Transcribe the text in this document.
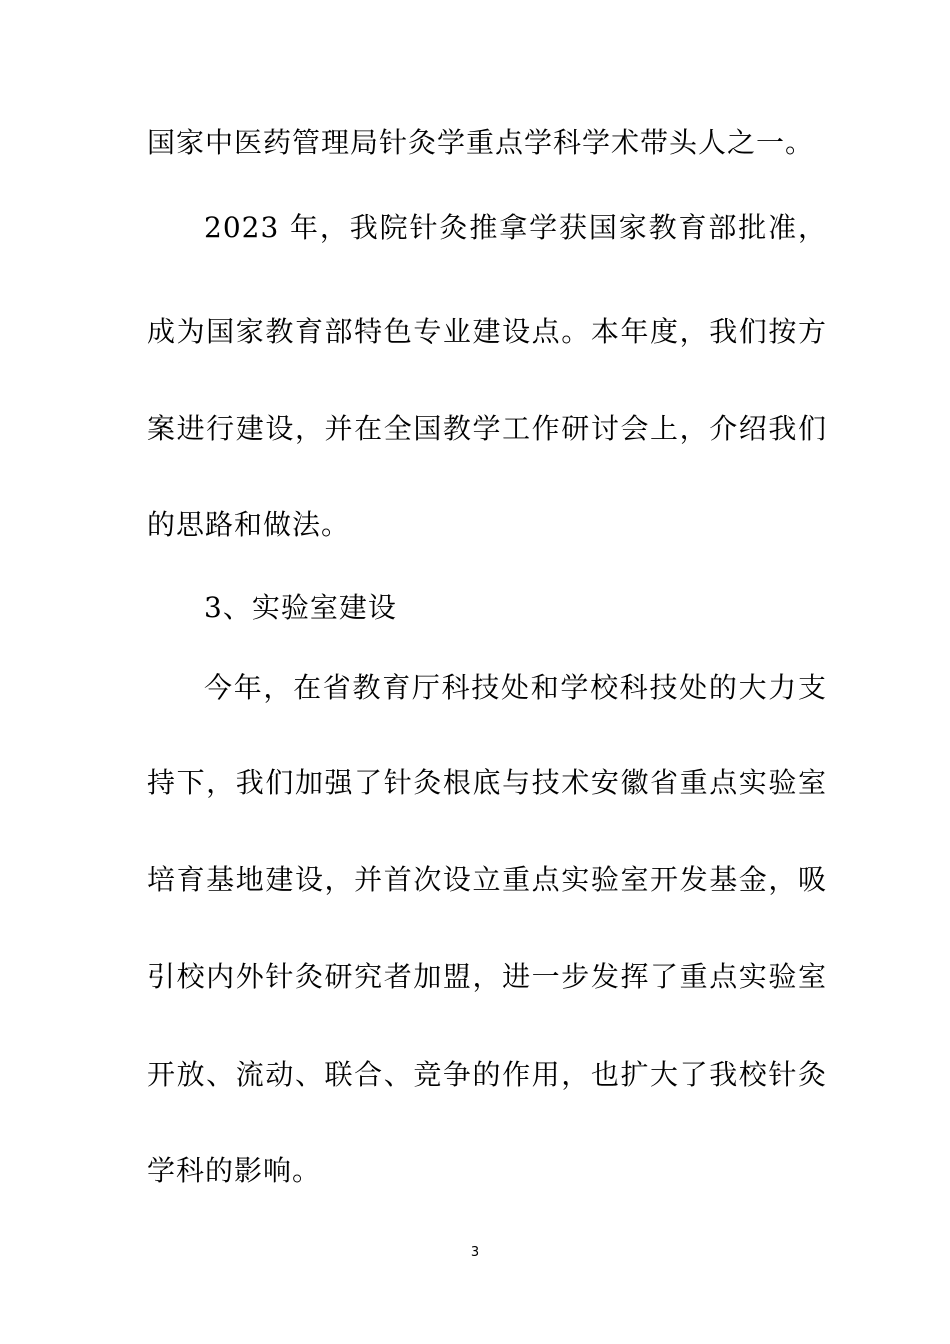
国家中医药管理局针灸学重点学科学术带头人之一。
2023 年，我院针灸推拿学获国家教育部批准，
成为国家教育部特色专业建设点。本年度，我们按方
案进行建设，并在全国教学工作研讨会上，介绍我们
的思路和做法。
3、实验室建设
今年，在省教育厅科技处和学校科技处的大力支
持下，我们加强了针灸根底与技术安徽省重点实验室
培育基地建设，并首次设立重点实验室开发基金，吸
引校内外针灸研究者加盟，进一步发挥了重点实验室
开放、流动、联合、竞争的作用，也扩大了我校针灸
学科的影响。
3
